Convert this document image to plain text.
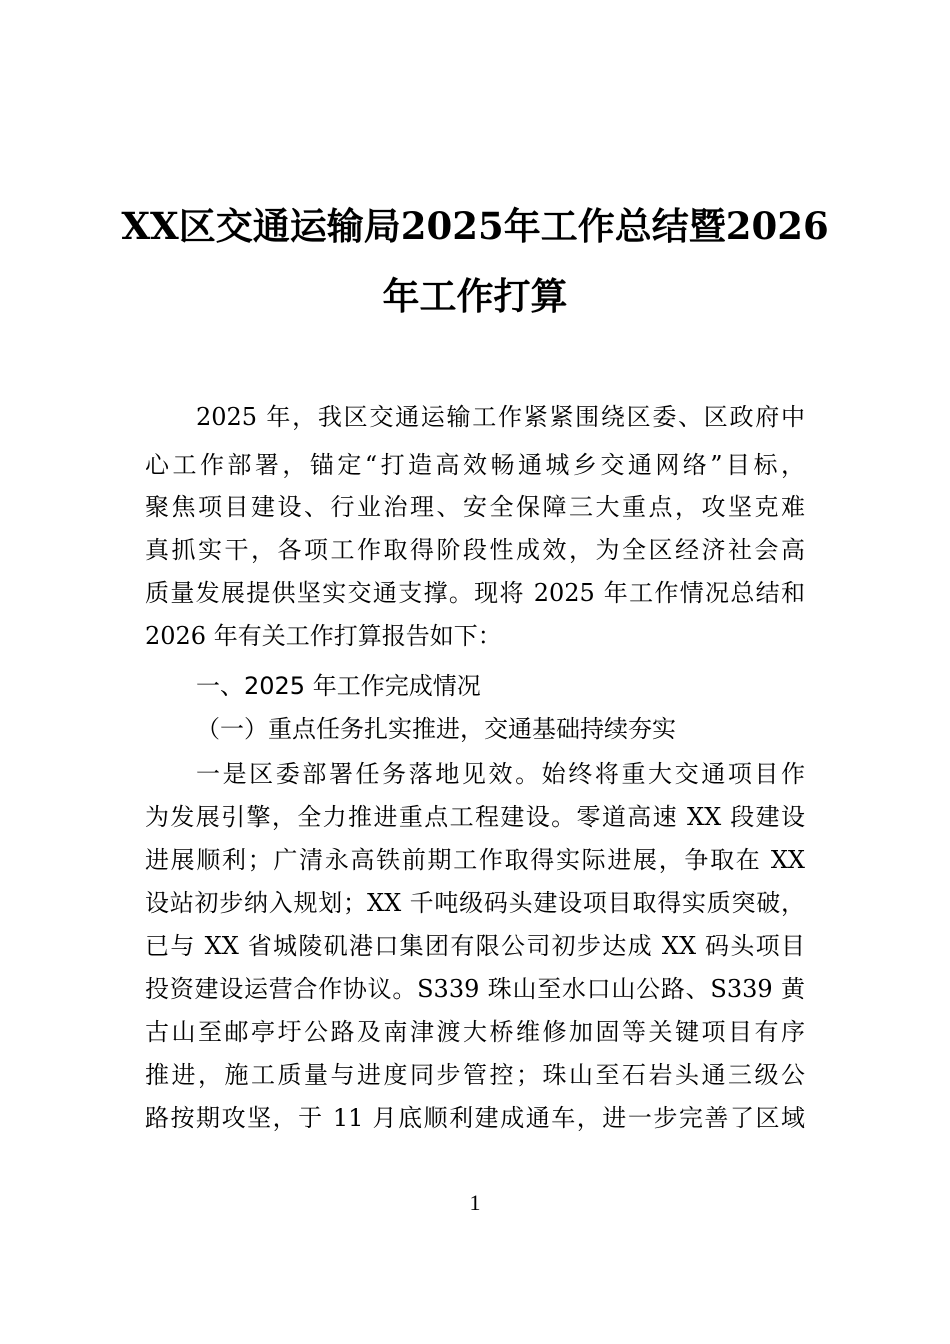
XX区交通运输局2025年工作总结暨2026
年工作打算
2025 年，我区交通运输工作紧紧围绕区委、区政府中
心工作部署，锚定“打造高效畅通城乡交通网络”目标，
聚焦项目建设、行业治理、安全保障三大重点，攻坚克难
真抓实干，各项工作取得阶段性成效，为全区经济社会高
质量发展提供坚实交通支撑。现将 2025 年工作情况总结和
2026 年有关工作打算报告如下：
一、2025 年工作完成情况
（一）重点任务扎实推进，交通基础持续夯实
一是区委部署任务落地见效。始终将重大交通项目作
为发展引擎，全力推进重点工程建设。零道高速 XX 段建设
进展顺利；广清永高铁前期工作取得实际进展，争取在 XX
设站初步纳入规划；XX 千吨级码头建设项目取得实质突破，
已与 XX 省城陵矶港口集团有限公司初步达成 XX 码头项目
投资建设运营合作协议。S339 珠山至水口山公路、S339 黄
古山至邮亭圩公路及南津渡大桥维修加固等关键项目有序
推进，施工质量与进度同步管控；珠山至石岩头通三级公
路按期攻坚，于 11 月底顺利建成通车，进一步完善了区域
1
